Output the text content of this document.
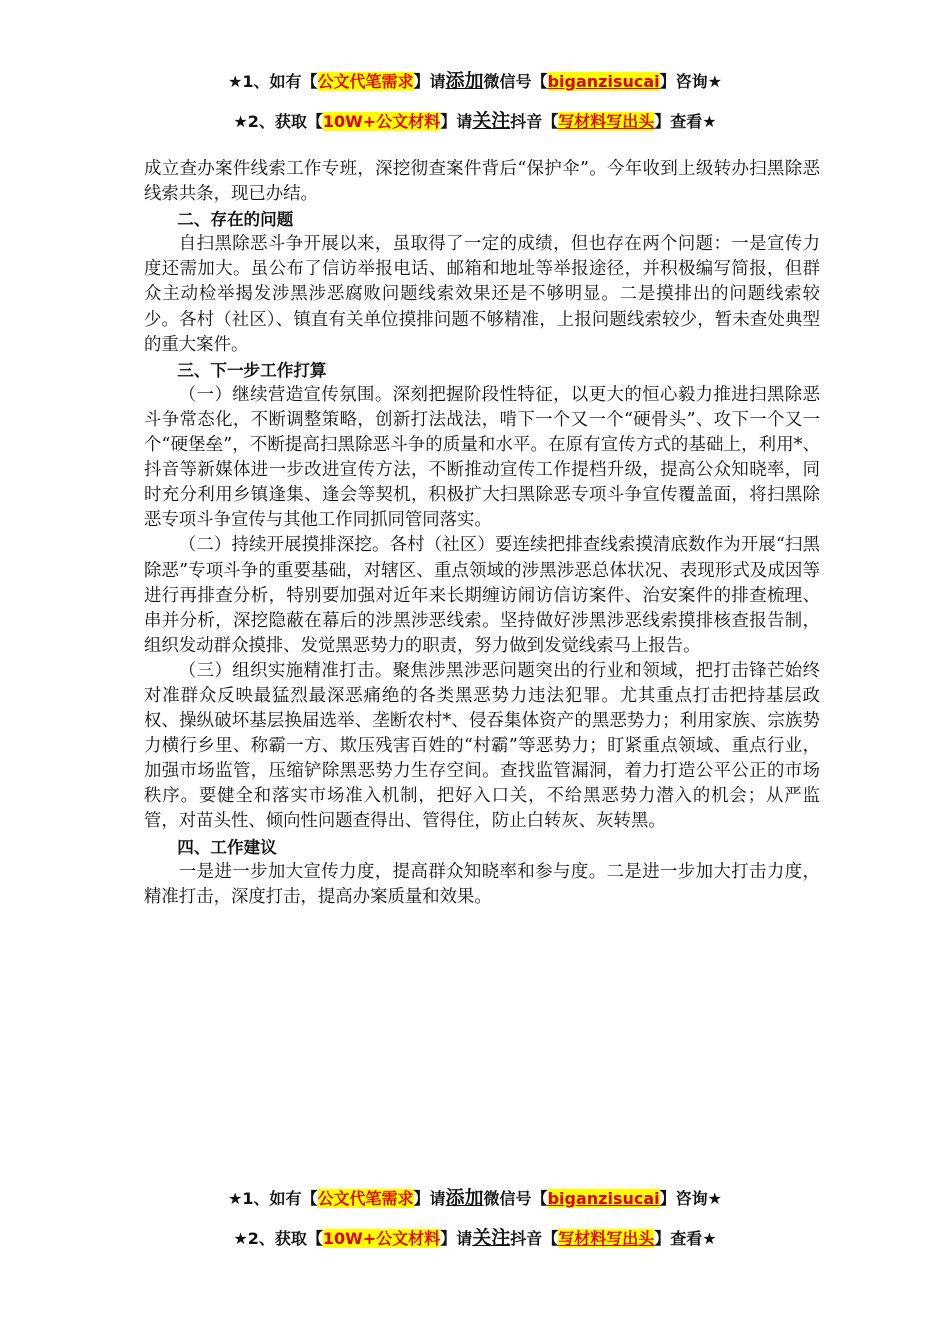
★1、如有【公文代笔需求】请添加微信号【biganzisucai】咨询★
★2、获取【10W+公文材料】请关注抖音【写材料写出头】查看★

成立查办案件线索工作专班，深挖彻查案件背后“保护伞”。今年收到上级转办扫黑除恶线索共条，现已办结。

二、存在的问题

自扫黑除恶斗争开展以来，虽取得了一定的成绩，但也存在两个问题：一是宣传力度还需加大。虽公布了信访举报电话、邮箱和地址等举报途径，并积极编写简报，但群众主动检举揭发涉黑涉恶腐败问题线索效果还是不够明显。二是摸排出的问题线索较少。各村（社区）、镇直有关单位摸排问题不够精准，上报问题线索较少，暂未查处典型的重大案件。

三、下一步工作打算

（一）继续营造宣传氛围。深刻把握阶段性特征，以更大的恒心毅力推进扫黑除恶斗争常态化，不断调整策略，创新打法战法，啃下一个又一个“硬骨头”、攻下一个又一个“硬堡垒”，不断提高扫黑除恶斗争的质量和水平。在原有宣传方式的基础上，利用*、抖音等新媒体进一步改进宣传方法，不断推动宣传工作提档升级，提高公众知晓率，同时充分利用乡镇逢集、逢会等契机，积极扩大扫黑除恶专项斗争宣传覆盖面，将扫黑除恶专项斗争宣传与其他工作同抓同管同落实。

（二）持续开展摸排深挖。各村（社区）要连续把排查线索摸清底数作为开展“扫黑除恶”专项斗争的重要基础，对辖区、重点领域的涉黑涉恶总体状况、表现形式及成因等进行再排查分析，特别要加强对近年来长期缠访闹访信访案件、治安案件的排查梳理、串并分析，深挖隐蔽在幕后的涉黑涉恶线索。坚持做好涉黑涉恶线索摸排核查报告制，组织发动群众摸排、发觉黑恶势力的职责，努力做到发觉线索马上报告。

（三）组织实施精准打击。聚焦涉黑涉恶问题突出的行业和领域，把打击锋芒始终对准群众反映最猛烈最深恶痛绝的各类黑恶势力违法犯罪。尤其重点打击把持基层政权、操纵破坏基层换届选举、垄断农村*、侵吞集体资产的黑恶势力；利用家族、宗族势力横行乡里、称霸一方、欺压残害百姓的“村霸”等恶势力；盯紧重点领域、重点行业，加强市场监管，压缩铲除黑恶势力生存空间。查找监管漏洞，着力打造公平公正的市场秩序。要健全和落实市场准入机制，把好入口关，不给黑恶势力潜入的机会；从严监管，对苗头性、倾向性问题查得出、管得住，防止白转灰、灰转黑。

四、工作建议

一是进一步加大宣传力度，提高群众知晓率和参与度。二是进一步加大打击力度，精准打击，深度打击，提高办案质量和效果。

★1、如有【公文代笔需求】请添加微信号【biganzisucai】咨询★
★2、获取【10W+公文材料】请关注抖音【写材料写出头】查看★
